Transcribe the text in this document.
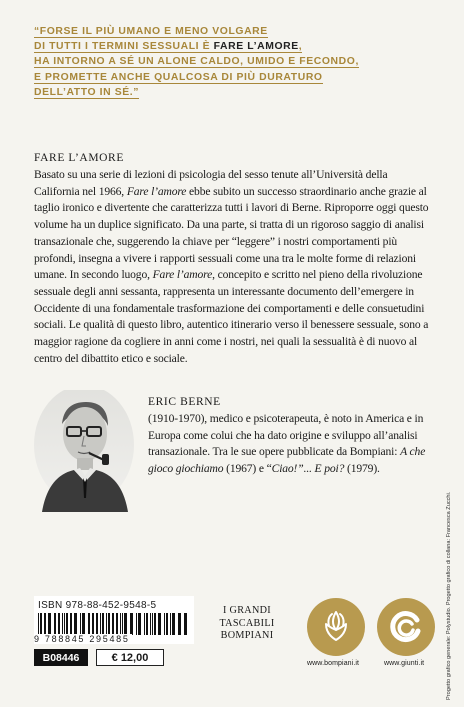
“FORSE IL PIÙ UMANO E MENO VOLGARE
DI TUTTI I TERMINI SESSUALI È FARE L’AMORE,
HA INTORNO A SÉ UN ALONE CALDO, UMIDO E FECONDO,
E PROMETTE ANCHE QUALCOSA DI PIÙ DURATURO
DELL’ATTO IN SÉ.”
FARE L’AMORE

Basato su una serie di lezioni di psicologia del sesso tenute all’Università della California nel 1966, Fare l’amore ebbe subito un successo straordinario anche grazie al taglio ironico e divertente che caratterizza tutti i lavori di Berne. Riproporre oggi questo volume ha un duplice significato. Da una parte, si tratta di un rigoroso saggio di analisi transazionale che, suggerendo la chiave per “leggere” i nostri comportamenti più profondi, insegna a vivere i rapporti sessuali come una tra le molte forme di relazioni umane. In secondo luogo, Fare l’amore, concepito e scritto nel pieno della rivoluzione sessuale degli anni sessanta, rappresenta un interessante documento dell’emergere in Occidente di una fondamentale trasformazione dei comportamenti e delle consuetudini sociali. Le qualità di questo libro, autentico itinerario verso il benessere sessuale, sono a maggior ragione da cogliere in anni come i nostri, nei quali la sessualità è di nuovo al centro del dibattito etico e sociale.

ERIC BERNE

(1910-1970), medico e psicoterapeuta, è noto in America e in Europa come colui che ha dato origine e sviluppo all’analisi transazionale. Tra le sue opere pubblicate da Bompiani: A che gioco giochiamo (1967) e “Ciao!”... E poi? (1979).

Progetto grafico generale: Polystudio. Progetto grafico di collana: Francesca Zucchi.
ISBN 978-88-452-9548-5
9 788845 295485
B08446	€ 12,00
I GRANDI
TASCABILI
BOMPIANI
www.bompiani.it	www.giunti.it
